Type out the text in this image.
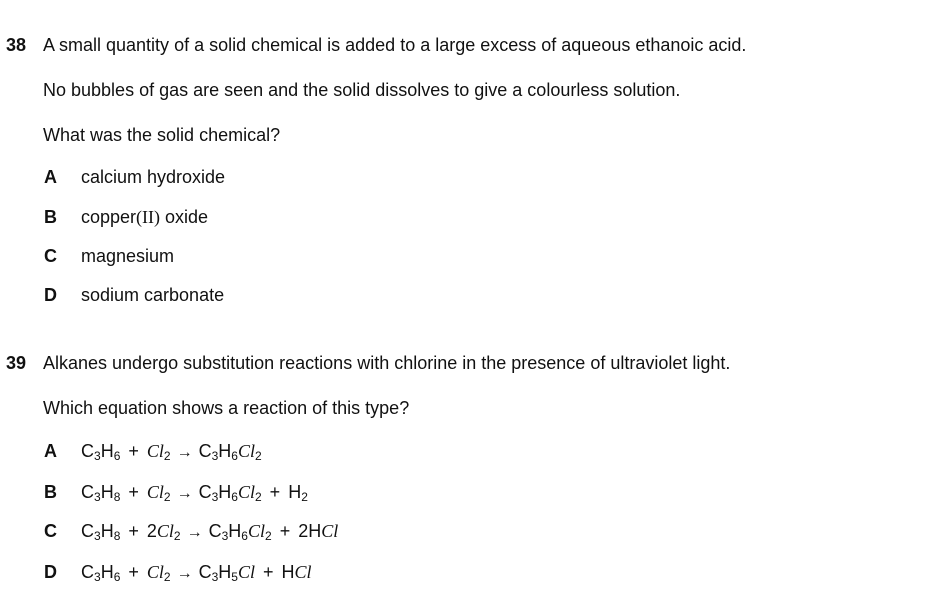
38 A small quantity of a solid chemical is added to a large excess of aqueous ethanoic acid.
No bubbles of gas are seen and the solid dissolves to give a colourless solution.
What was the solid chemical?
A calcium hydroxide
B copper(II) oxide
C magnesium
D sodium carbonate
39 Alkanes undergo substitution reactions with chlorine in the presence of ultraviolet light.
Which equation shows a reaction of this type?
A $C_3H_6 + Cl_2 \to C_3H_6Cl_2$
B $C_3H_8 + Cl_2 \to C_3H_6Cl_2 + H_2$
C $C_3H_8 + 2Cl_2 \to C_3H_6Cl_2 + 2HCl$
D $C_3H_6 + Cl_2 \to C_3H_5Cl$ + HCl
